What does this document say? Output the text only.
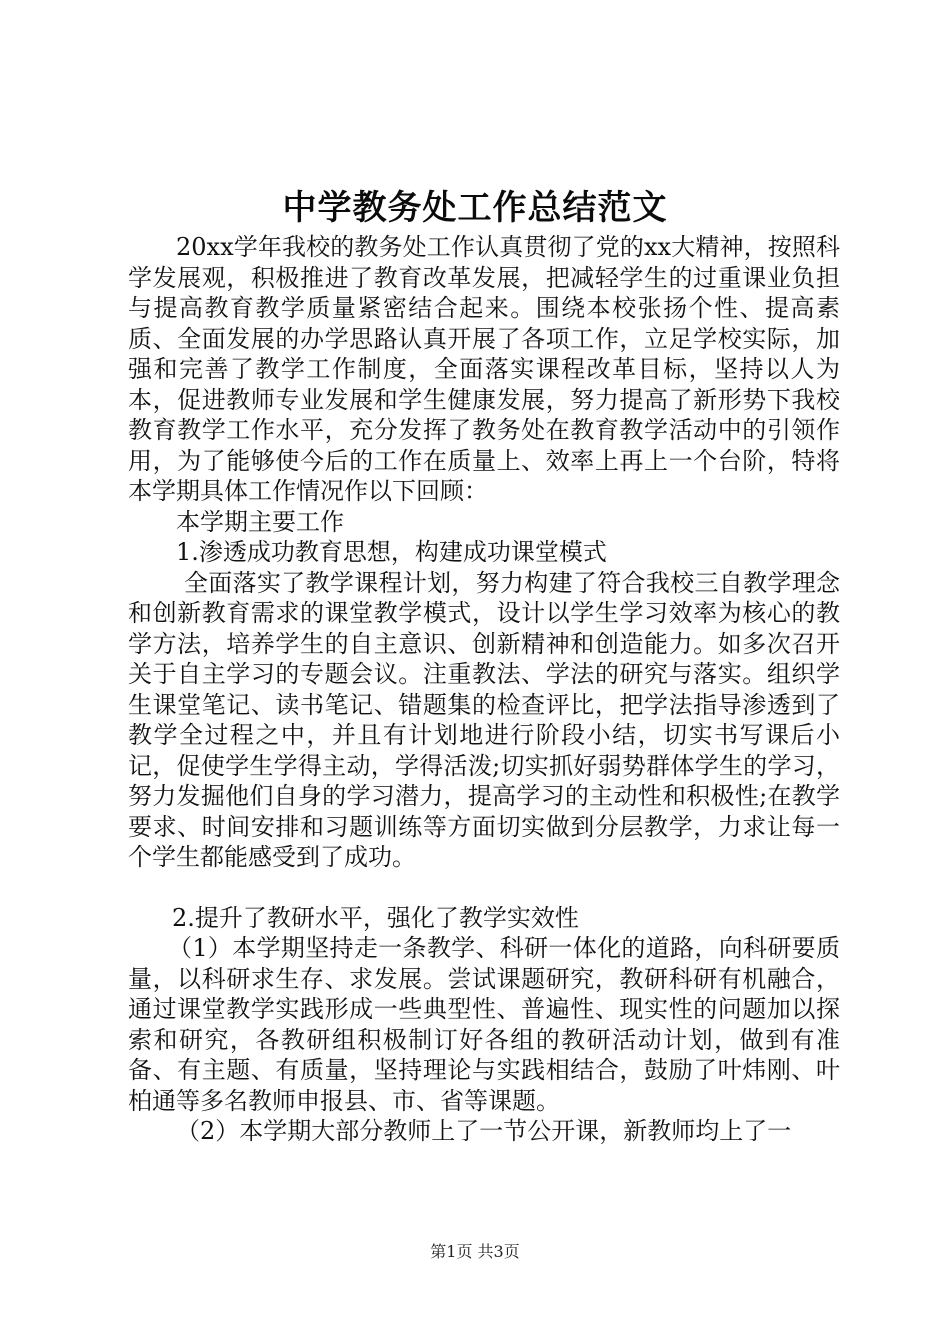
中学教务处工作总结范文

20xx学年我校的教务处工作认真贯彻了党的xx大精神，按照科学发展观，积极推进了教育改革发展，把减轻学生的过重课业负担与提高教育教学质量紧密结合起来。围绕本校张扬个性、提高素质、全面发展的办学思路认真开展了各项工作，立足学校实际，加强和完善了教学工作制度，全面落实课程改革目标，坚持以人为本，促进教师专业发展和学生健康发展，努力提高了新形势下我校教育教学工作水平，充分发挥了教务处在教育教学活动中的引领作用，为了能够使今后的工作在质量上、效率上再上一个台阶，特将本学期具体工作情况作以下回顾：

本学期主要工作

1.渗透成功教育思想，构建成功课堂模式

全面落实了教学课程计划，努力构建了符合我校三自教学理念和创新教育需求的课堂教学模式，设计以学生学习效率为核心的教学方法，培养学生的自主意识、创新精神和创造能力。如多次召开关于自主学习的专题会议。注重教法、学法的研究与落实。组织学生课堂笔记、读书笔记、错题集的检查评比，把学法指导渗透到了教学全过程之中，并且有计划地进行阶段小结，切实书写课后小记，促使学生学得主动，学得活泼;切实抓好弱势群体学生的学习，努力发掘他们自身的学习潜力，提高学习的主动性和积极性;在教学要求、时间安排和习题训练等方面切实做到分层教学，力求让每一个学生都能感受到了成功。

2.提升了教研水平，强化了教学实效性

（1）本学期坚持走一条教学、科研一体化的道路，向科研要质量，以科研求生存、求发展。尝试课题研究，教研科研有机融合，通过课堂教学实践形成一些典型性、普遍性、现实性的问题加以探索和研究，各教研组积极制订好各组的教研活动计划，做到有准备、有主题、有质量，坚持理论与实践相结合，鼓励了叶炜刚、叶柏通等多名教师申报县、市、省等课题。

（2）本学期大部分教师上了一节公开课，新教师均上了一

第1页 共3页
